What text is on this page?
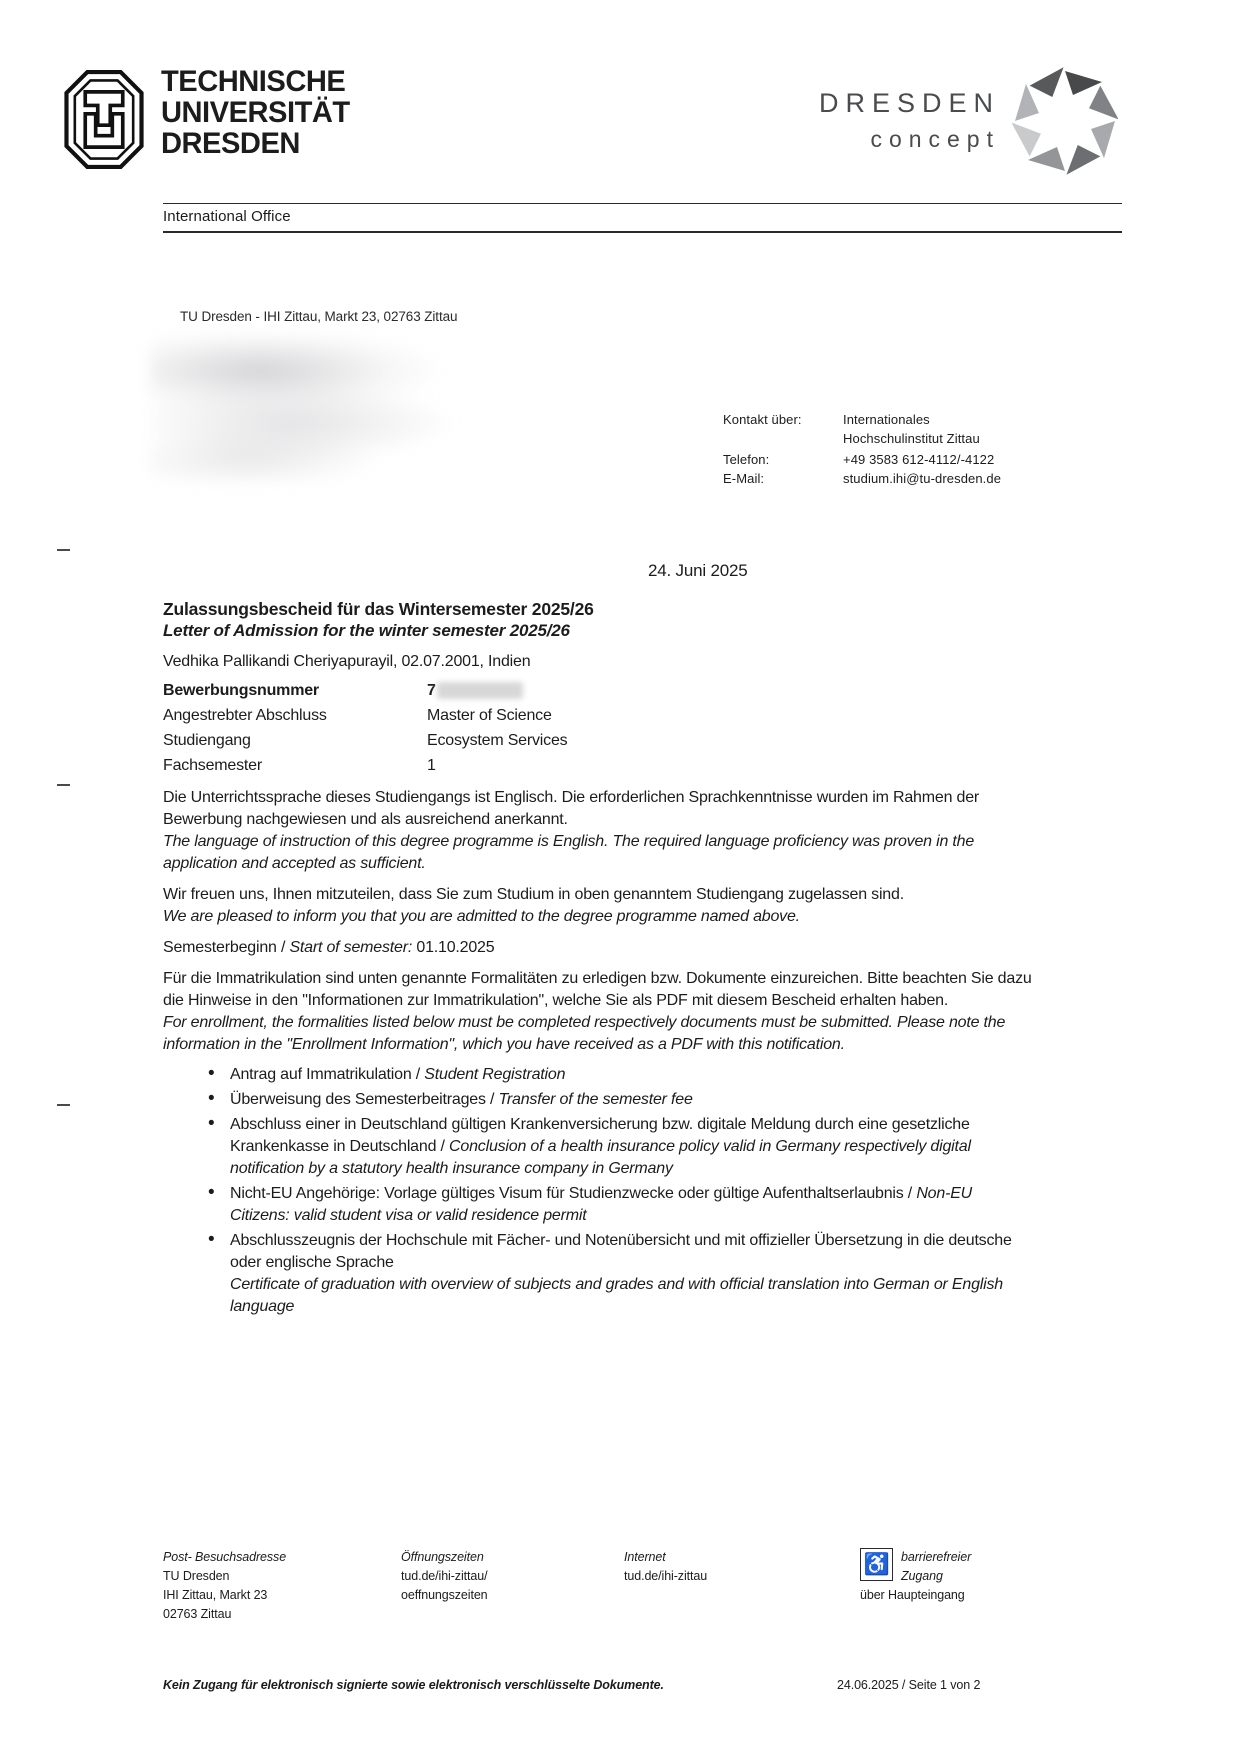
TECHNISCHE
UNIVERSITÄT
DRESDEN
DRESDEN
concept
International Office
TU Dresden - IHI Zittau, Markt 23, 02763 Zittau
Kontakt über:	Internationales
Hochschulinstitut Zittau
Telefon:	+49 3583 612-4112/-4122
E-Mail:	studium.ihi@tu-dresden.de
24. Juni 2025
Zulassungsbescheid für das Wintersemester 2025/26
Letter of Admission for the winter semester 2025/26
Vedhika Pallikandi Cheriyapurayil, 02.07.2001, Indien
Bewerbungsnummer	7
Angestrebter Abschluss	Master of Science
Studiengang	Ecosystem Services
Fachsemester	1
Die Unterrichtssprache dieses Studiengangs ist Englisch. Die erforderlichen Sprachkenntnisse wurden im Rahmen der Bewerbung nachgewiesen und als ausreichend anerkannt.
The language of instruction of this degree programme is English. The required language proficiency was proven in the application and accepted as sufficient.
Wir freuen uns, Ihnen mitzuteilen, dass Sie zum Studium in oben genanntem Studiengang zugelassen sind.
We are pleased to inform you that you are admitted to the degree programme named above.
Semesterbeginn / Start of semester: 01.10.2025
Für die Immatrikulation sind unten genannte Formalitäten zu erledigen bzw. Dokumente einzureichen. Bitte beachten Sie dazu die Hinweise in den "Informationen zur Immatrikulation", welche Sie als PDF mit diesem Bescheid erhalten haben.
For enrollment, the formalities listed below must be completed respectively documents must be submitted. Please note the information in the "Enrollment Information", which you have received as a PDF with this notification.
• Antrag auf Immatrikulation / Student Registration
• Überweisung des Semesterbeitrages / Transfer of the semester fee
• Abschluss einer in Deutschland gültigen Krankenversicherung bzw. digitale Meldung durch eine gesetzliche Krankenkasse in Deutschland / Conclusion of a health insurance policy valid in Germany respectively digital notification by a statutory health insurance company in Germany
• Nicht-EU Angehörige: Vorlage gültiges Visum für Studienzwecke oder gültige Aufenthaltserlaubnis / Non-EU Citizens: valid student visa or valid residence permit
• Abschlusszeugnis der Hochschule mit Fächer- und Notenübersicht und mit offizieller Übersetzung in die deutsche oder englische Sprache
Certificate of graduation with overview of subjects and grades and with official translation into German or English language
Post- Besuchsadresse
TU Dresden
IHI Zittau, Markt 23
02763 Zittau
Öffnungszeiten
tud.de/ihi-zittau/
oeffnungszeiten
Internet
tud.de/ihi-zittau	♿ barrierefreier
Zugang
über Haupteingang
Kein Zugang für elektronisch signierte sowie elektronisch verschlüsselte Dokumente.	24.06.2025 / Seite 1 von 2
